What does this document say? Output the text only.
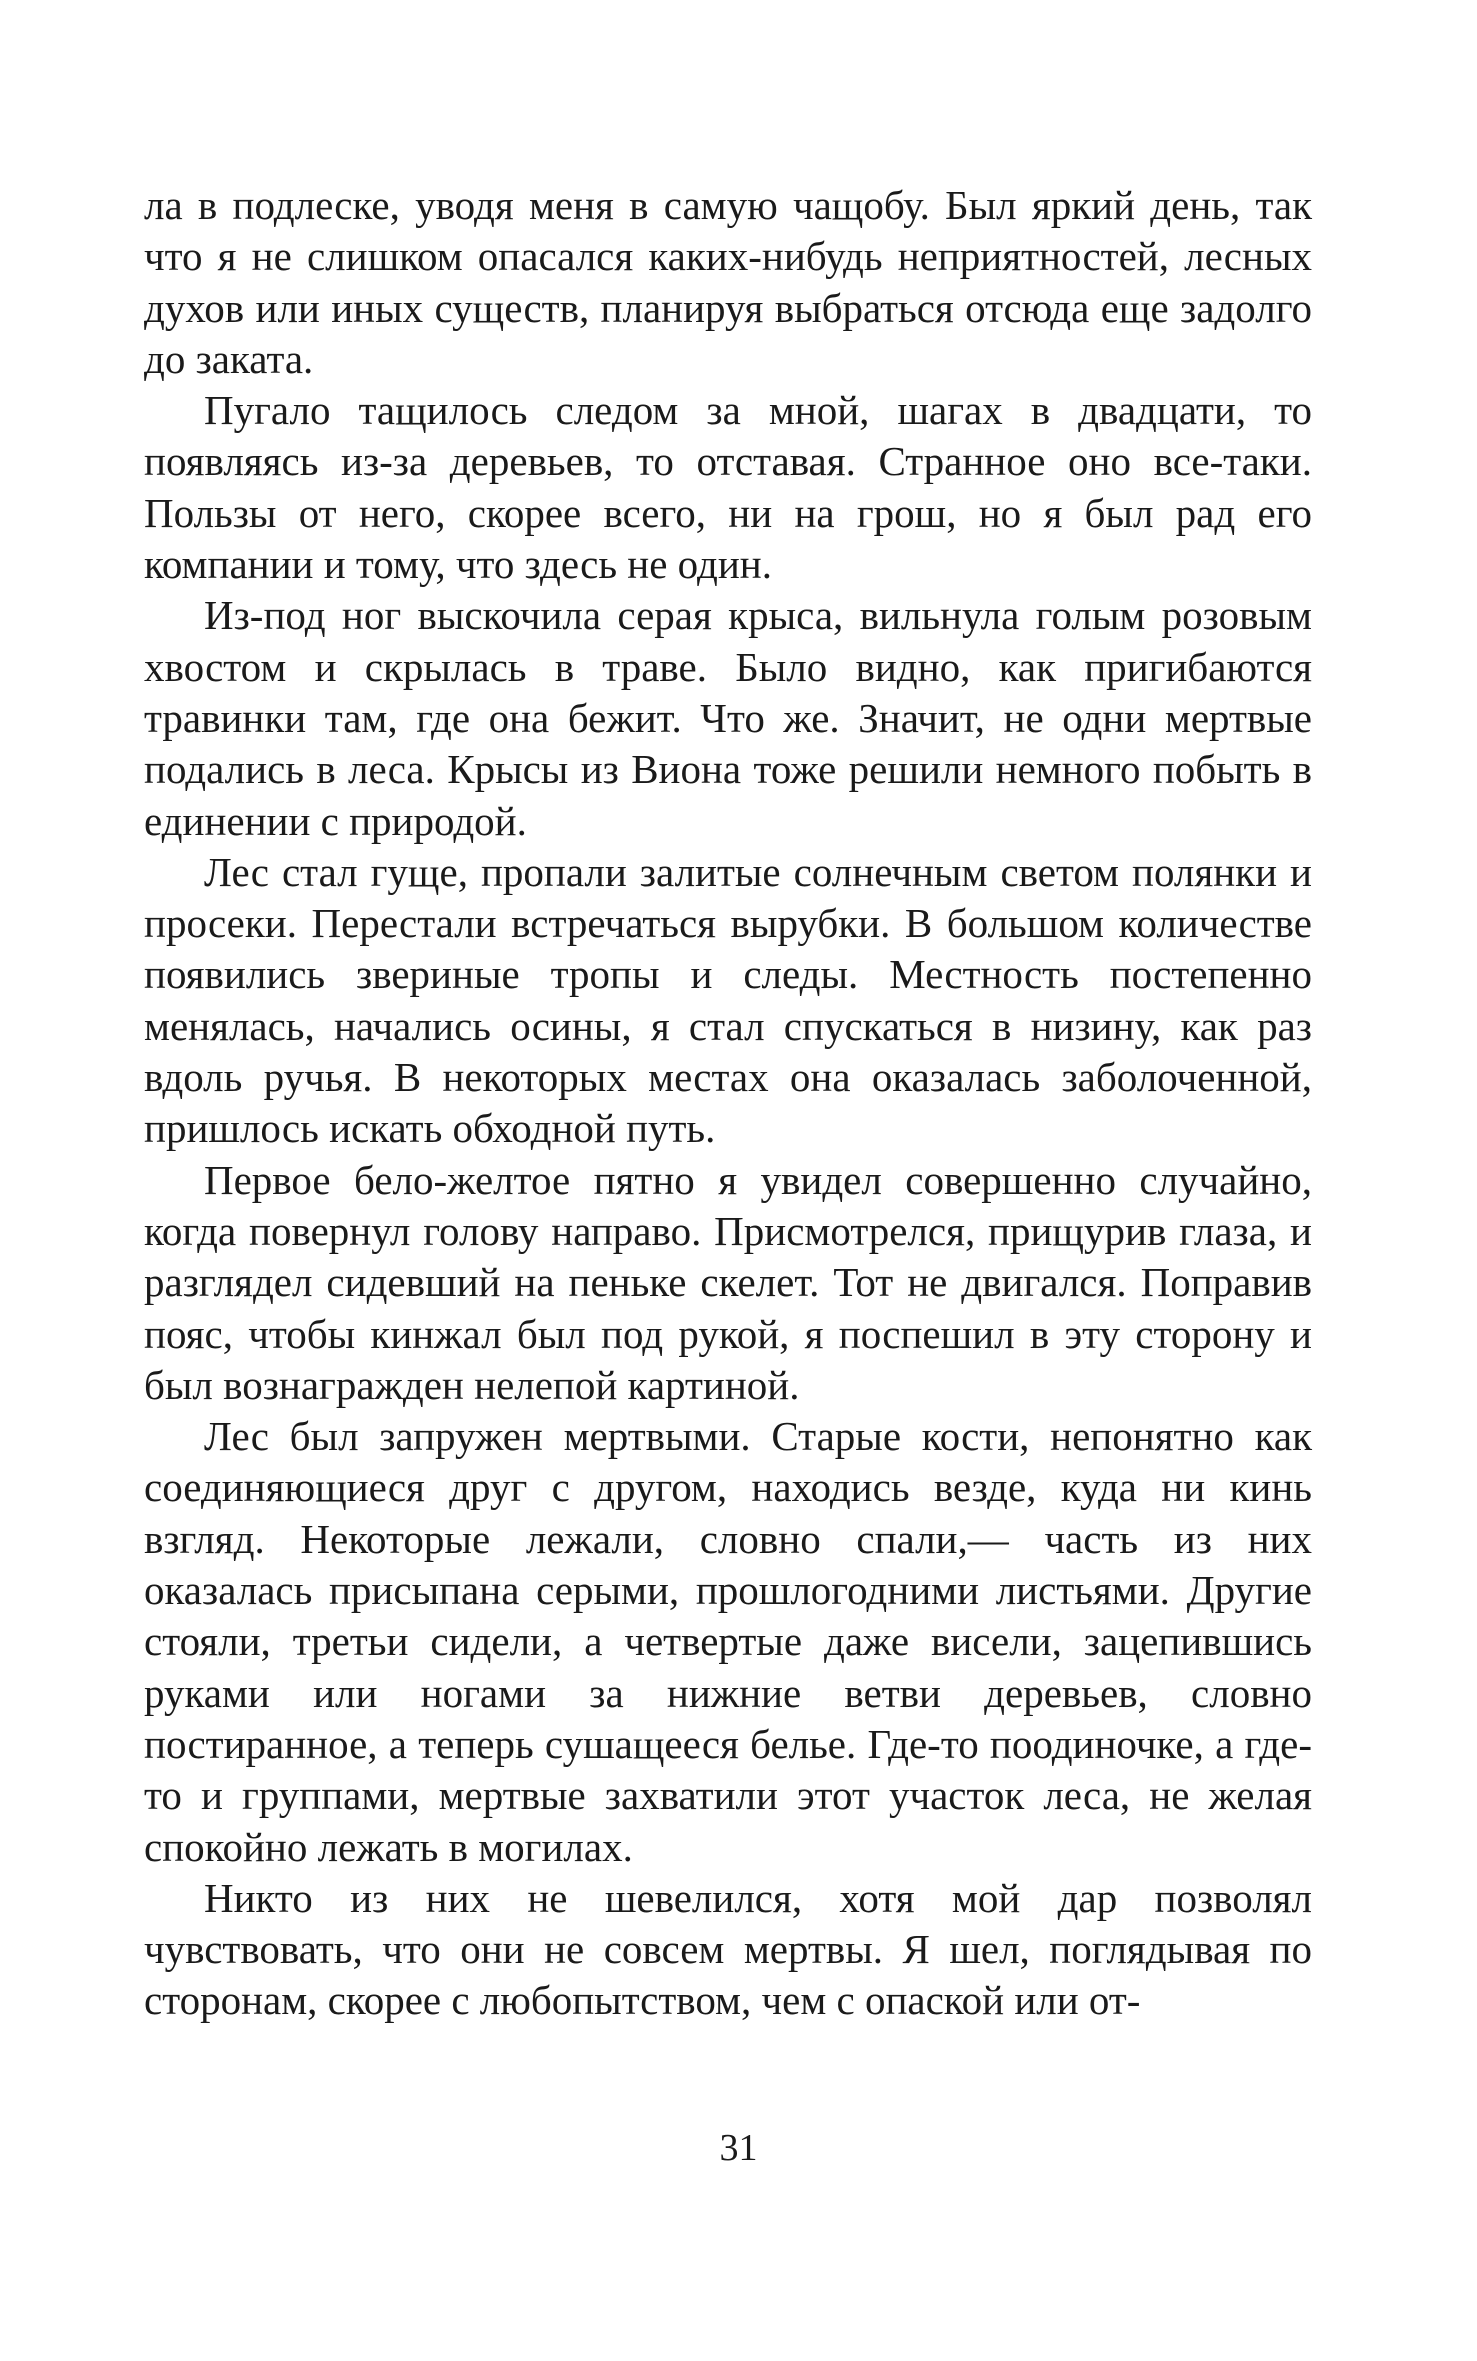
ла в подлеске, уводя меня в самую чащобу. Был яркий день, так что я не слишком опасался каких-нибудь неприятностей, лесных духов или иных существ, планируя выбраться отсюда еще задолго до заката.

Пугало тащилось следом за мной, шагах в двадцати, то появляясь из-за деревьев, то отставая. Странное оно все-таки. Пользы от него, скорее всего, ни на грош, но я был рад его компании и тому, что здесь не один.

Из-под ног выскочила серая крыса, вильнула голым розовым хвостом и скрылась в траве. Было видно, как пригибаются травинки там, где она бежит. Что же. Значит, не одни мертвые подались в леса. Крысы из Виона тоже решили немного побыть в единении с природой.

Лес стал гуще, пропали залитые солнечным светом полянки и просеки. Перестали встречаться вырубки. В большом количестве появились звериные тропы и следы. Местность постепенно менялась, начались осины, я стал спускаться в низину, как раз вдоль ручья. В некоторых местах она оказалась заболоченной, пришлось искать обходной путь.

Первое бело-желтое пятно я увидел совершенно случайно, когда повернул голову направо. Присмотрелся, прищурив глаза, и разглядел сидевший на пеньке скелет. Тот не двигался. Поправив пояс, чтобы кинжал был под рукой, я поспешил в эту сторону и был вознагражден нелепой картиной.

Лес был запружен мертвыми. Старые кости, непонятно как соединяющиеся друг с другом, находись везде, куда ни кинь взгляд. Некоторые лежали, словно спали,— часть из них оказалась присыпана серыми, прошлогодними листьями. Другие стояли, третьи сидели, а четвертые даже висели, зацепившись руками или ногами за нижние ветви деревьев, словно постиранное, а теперь сушащееся белье. Где-то поодиночке, а где-то и группами, мертвые захватили этот участок леса, не желая спокойно лежать в могилах.

Никто из них не шевелился, хотя мой дар позволял чувствовать, что они не совсем мертвы. Я шел, поглядывая по сторонам, скорее с любопытством, чем с опаской или от-

31
